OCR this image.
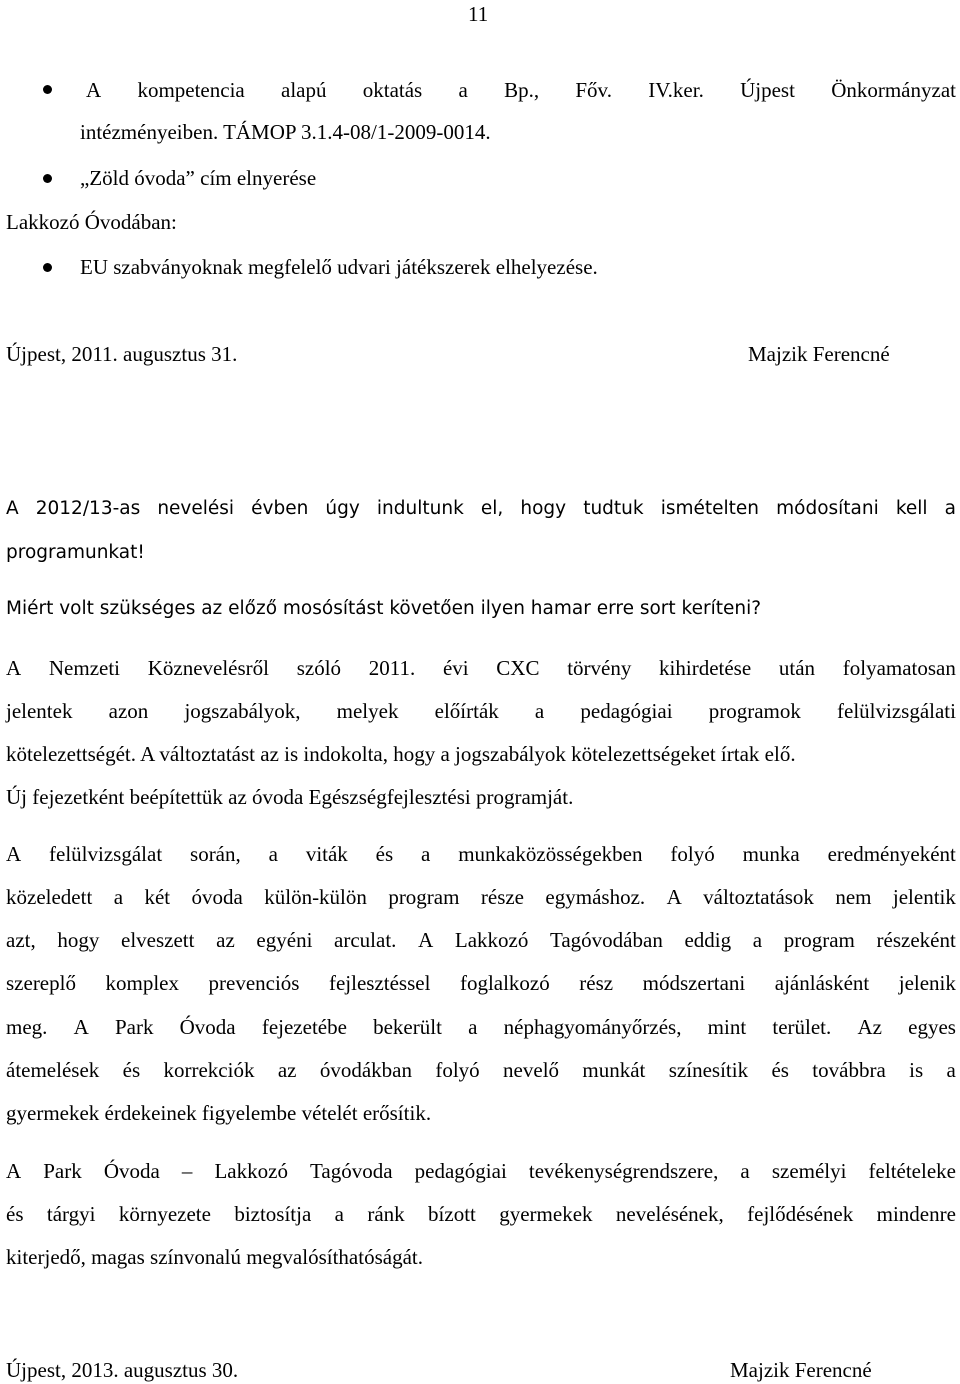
11
A kompetencia alapú oktatás a Bp., Főv. IV.ker. Újpest Önkormányzat
intézményeiben. TÁMOP 3.1.4-08/1-2009-0014.
„Zöld óvoda” cím elnyerése
Lakkozó Óvodában:
EU szabványoknak megfelelő udvari játékszerek elhelyezése.
Újpest, 2011. augusztus 31.	Majzik Ferencné
A 2012/13-as nevelési évben úgy indultunk el, hogy tudtuk ismételten módosítani kell a
programunkat!
Miért volt szükséges az előző mosósítást követően ilyen hamar erre sort keríteni?
A Nemzeti Köznevelésről szóló 2011. évi CXC törvény kihirdetése után folyamatosan
jelentek azon jogszabályok, melyek előírták a pedagógiai programok felülvizsgálati
kötelezettségét. A változtatást az is indokolta, hogy a jogszabályok kötelezettségeket írtak elő.
Új fejezetként beépítettük az óvoda Egészségfejlesztési programját.
A felülvizsgálat során, a viták és a munkaközösségekben folyó munka eredményeként
közeledett a két óvoda külön-külön program része egymáshoz. A változtatások nem jelentik
azt, hogy elveszett az egyéni arculat. A Lakkozó Tagóvodában eddig a program részeként
szereplő komplex prevenciós fejlesztéssel foglalkozó rész módszertani ajánlásként jelenik
meg. A Park Óvoda fejezetébe bekerült a néphagyományőrzés, mint terület. Az egyes
átemelések és korrekciók az óvodákban folyó nevelő munkát színesítik és továbbra is a
gyermekek érdekeinek figyelembe vételét erősítik.
A Park Óvoda – Lakkozó Tagóvoda pedagógiai tevékenységrendszere, a személyi feltételeke
és tárgyi környezete biztosítja a ránk bízott gyermekek nevelésének, fejlődésének mindenre
kiterjedő, magas színvonalú megvalósíthatóságát.
Újpest, 2013. augusztus 30.	Majzik Ferencné
